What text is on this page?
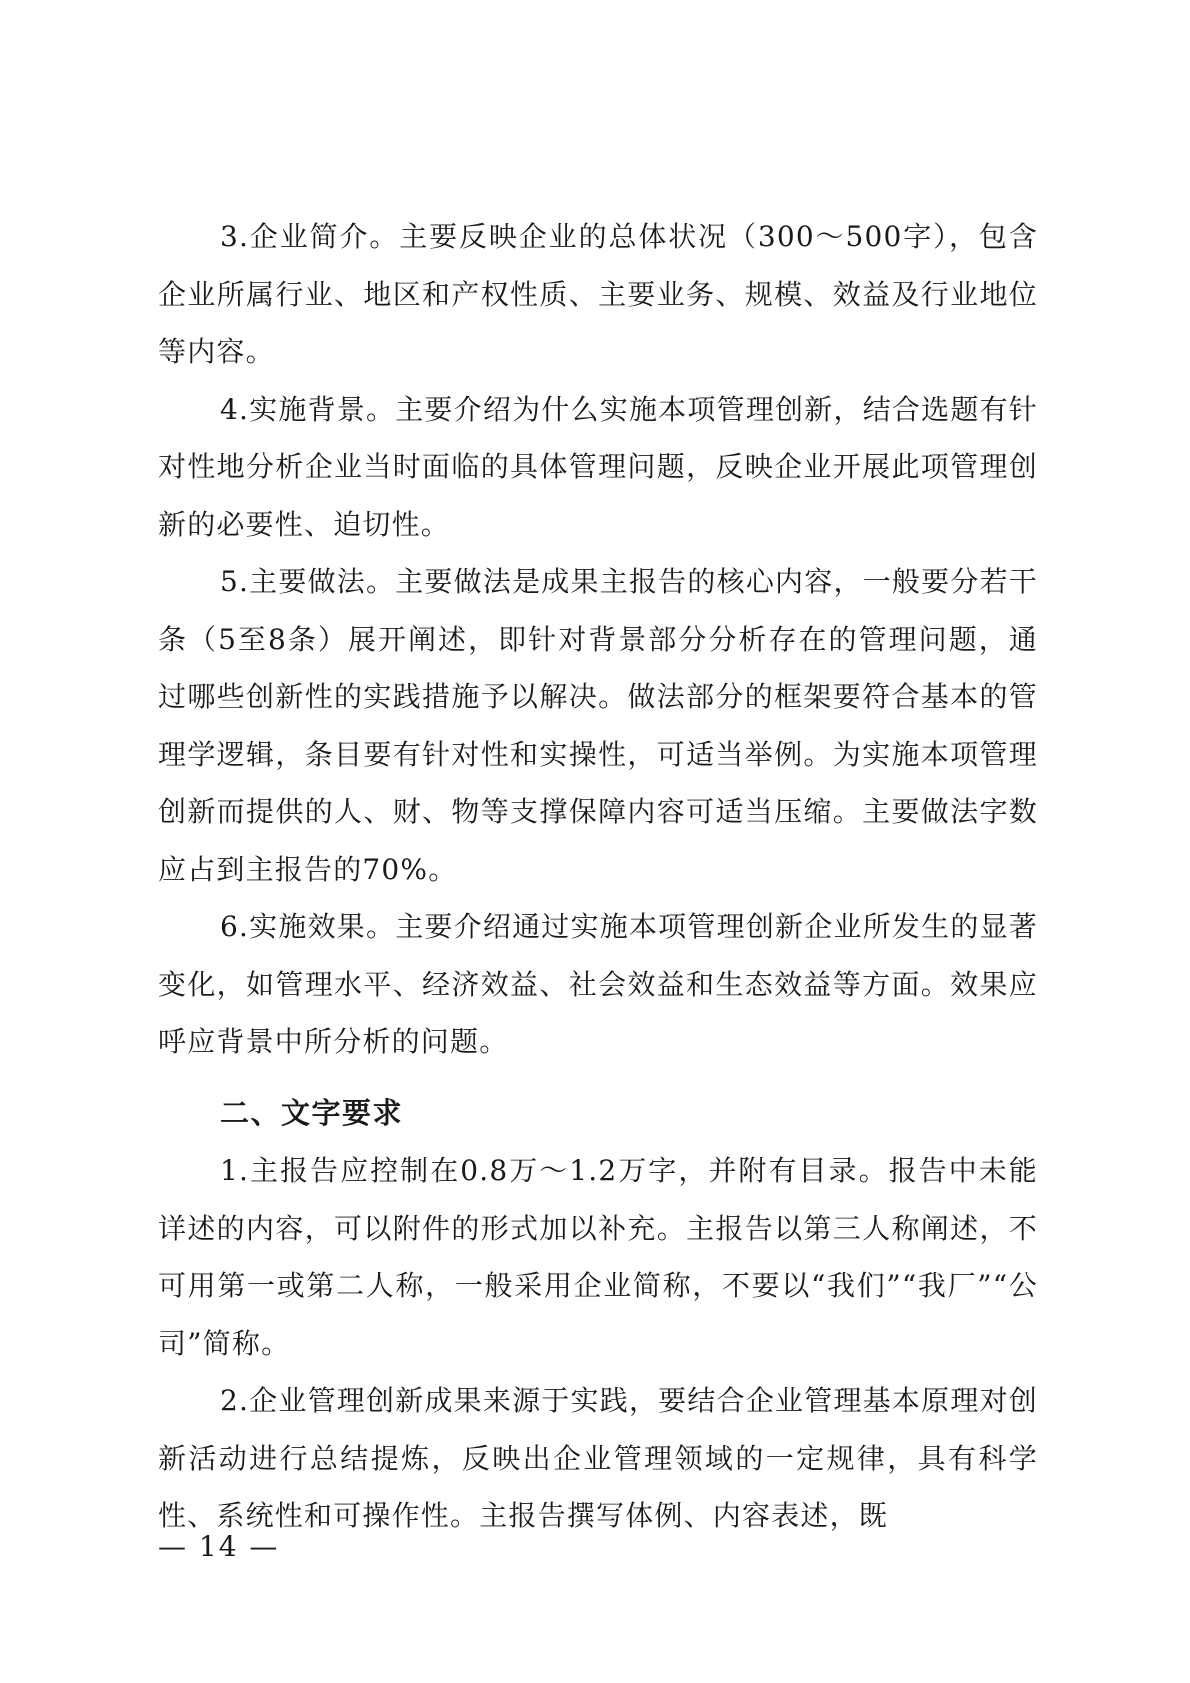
3.企业简介。主要反映企业的总体状况（300～500字），包含企业所属行业、地区和产权性质、主要业务、规模、效益及行业地位等内容。

4.实施背景。主要介绍为什么实施本项管理创新，结合选题有针对性地分析企业当时面临的具体管理问题，反映企业开展此项管理创新的必要性、迫切性。

5.主要做法。主要做法是成果主报告的核心内容，一般要分若干条（5至8条）展开阐述，即针对背景部分分析存在的管理问题，通过哪些创新性的实践措施予以解决。做法部分的框架要符合基本的管理学逻辑，条目要有针对性和实操性，可适当举例。为实施本项管理创新而提供的人、财、物等支撑保障内容可适当压缩。主要做法字数应占到主报告的70%。

6.实施效果。主要介绍通过实施本项管理创新企业所发生的显著变化，如管理水平、经济效益、社会效益和生态效益等方面。效果应呼应背景中所分析的问题。

二、文字要求

1.主报告应控制在0.8万～1.2万字，并附有目录。报告中未能详述的内容，可以附件的形式加以补充。主报告以第三人称阐述，不可用第一或第二人称，一般采用企业简称，不要以“我们”“我厂”“公司”简称。

2.企业管理创新成果来源于实践，要结合企业管理基本原理对创新活动进行总结提炼，反映出企业管理领域的一定规律，具有科学性、系统性和可操作性。主报告撰写体例、内容表述，既

— 14 —
